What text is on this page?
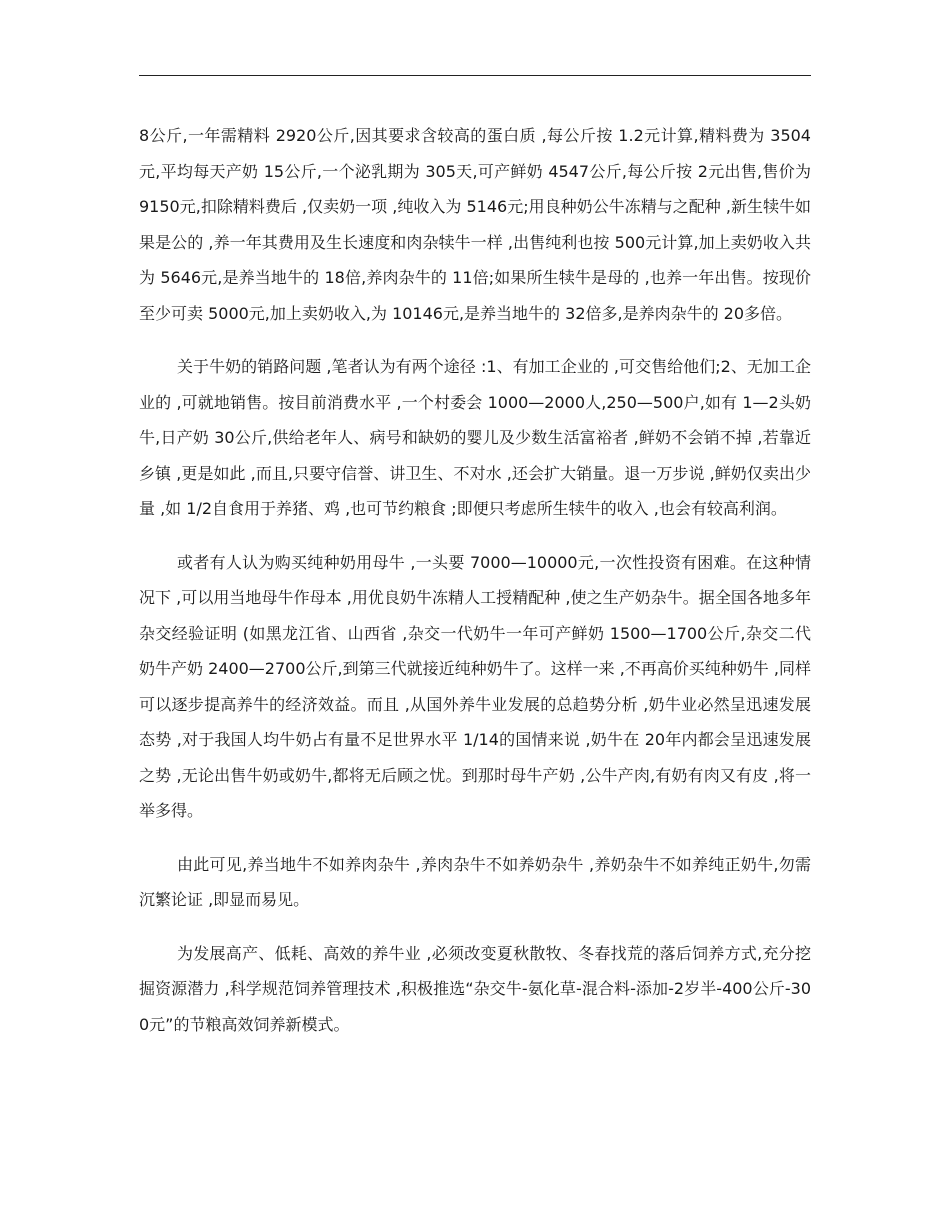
8公斤,一年需精料 2920公斤,因其要求含较高的蛋白质 ,每公斤按 1.2元计算,精料费为 3504元,平均每天产奶 15公斤,一个泌乳期为 305天,可产鲜奶 4547公斤,每公斤按 2元出售,售价为 9150元,扣除精料费后 ,仅卖奶一项 ,纯收入为 5146元;用良种奶公牛冻精与之配种 ,新生犊牛如果是公的 ,养一年其费用及生长速度和肉杂犊牛一样 ,出售纯利也按 500元计算,加上卖奶收入共为 5646元,是养当地牛的 18倍,养肉杂牛的 11倍;如果所生犊牛是母的 ,也养一年出售。按现价至少可卖 5000元,加上卖奶收入,为 10146元,是养当地牛的 32倍多,是养肉杂牛的 20多倍。

关于牛奶的销路问题 ,笔者认为有两个途径 :1、有加工企业的 ,可交售给他们;2、无加工企业的 ,可就地销售。按目前消费水平 ,一个村委会 1000—2000人,250—500户,如有 1—2头奶牛,日产奶 30公斤,供给老年人、病号和缺奶的婴儿及少数生活富裕者 ,鲜奶不会销不掉 ,若靠近乡镇 ,更是如此 ,而且,只要守信誉、讲卫生、不对水 ,还会扩大销量。退一万步说 ,鲜奶仅卖出少量 ,如 1/2自食用于养猪、鸡 ,也可节约粮食 ;即便只考虑所生犊牛的收入 ,也会有较高利润。

或者有人认为购买纯种奶用母牛 ,一头要 7000—10000元,一次性投资有困难。在这种情况下 ,可以用当地母牛作母本 ,用优良奶牛冻精人工授精配种 ,使之生产奶杂牛。据全国各地多年杂交经验证明 (如黑龙江省、山西省 ,杂交一代奶牛一年可产鲜奶 1500—1700公斤,杂交二代奶牛产奶 2400—2700公斤,到第三代就接近纯种奶牛了。这样一来 ,不再高价买纯种奶牛 ,同样可以逐步提高养牛的经济效益。而且 ,从国外养牛业发展的总趋势分析 ,奶牛业必然呈迅速发展态势 ,对于我国人均牛奶占有量不足世界水平 1/14的国情来说 ,奶牛在 20年内都会呈迅速发展之势 ,无论出售牛奶或奶牛,都将无后顾之忧。到那时母牛产奶 ,公牛产肉,有奶有肉又有皮 ,将一举多得。

由此可见,养当地牛不如养肉杂牛 ,养肉杂牛不如养奶杂牛 ,养奶杂牛不如养纯正奶牛,勿需沉繁论证 ,即显而易见。

为发展高产、低耗、高效的养牛业 ,必须改变夏秋散牧、冬春找荒的落后饲养方式,充分挖掘资源潜力 ,科学规范饲养管理技术 ,积极推选“杂交牛-氨化草-混合料-添加-2岁半-400公斤-300元”的节粮高效饲养新模式。
